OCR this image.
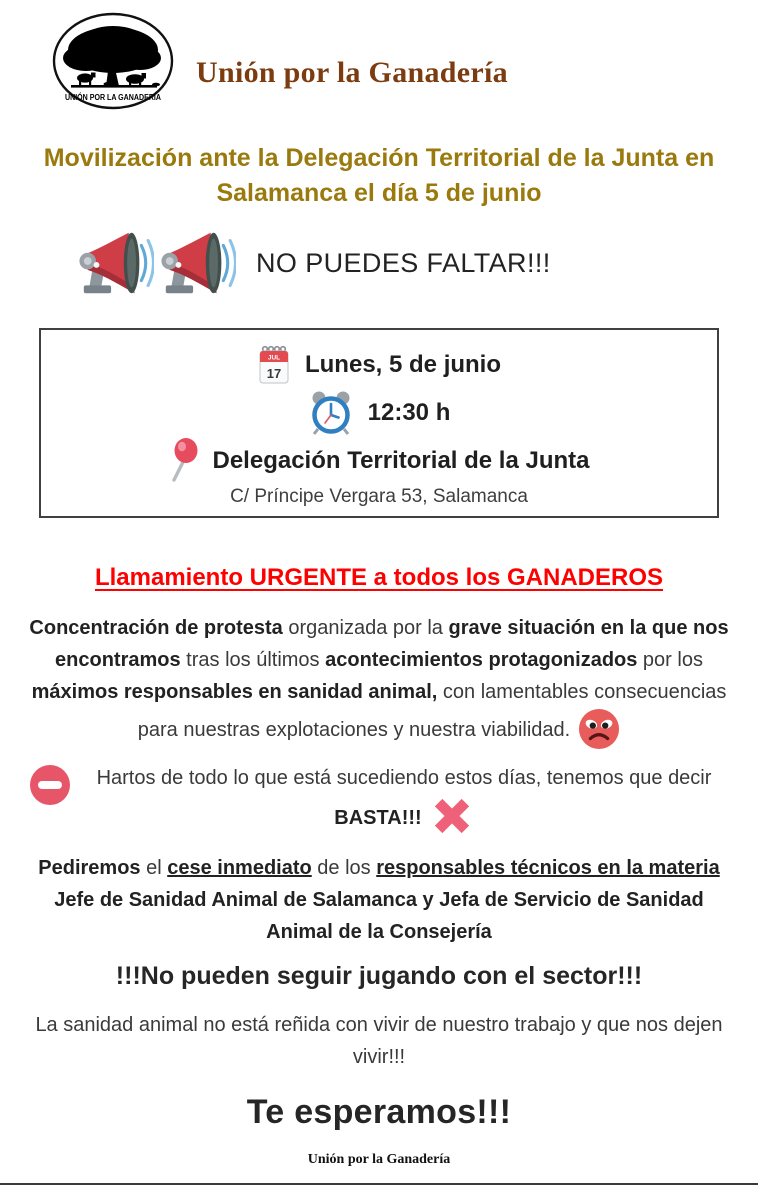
UNIÓN POR LA GANADERÍA
Unión por la Ganadería
Movilización ante la Delegación Territorial de la Junta en Salamanca el día 5 de junio
NO PUEDES FALTAR!!!
JUL
17 Lunes, 5 de junio
12:30 h
Delegación Territorial de la Junta
C/ Príncipe Vergara 53, Salamanca
Llamamiento URGENTE a todos los GANADEROS

Concentración de protesta organizada por la grave situación en la que nos encontramos tras los últimos acontecimientos protagonizados por los máximos responsables en sanidad animal, con lamentables consecuencias para nuestras explotaciones y nuestra viabilidad.

Hartos de todo lo que está sucediendo estos días, tenemos que decir BASTA!!!

Pediremos el cese inmediato de los responsables técnicos en la materia Jefe de Sanidad Animal de Salamanca y Jefa de Servicio de Sanidad Animal de la Consejería

!!!No pueden seguir jugando con el sector!!!
La sanidad animal no está reñida con vivir de nuestro trabajo y que nos dejen vivir!!!
Te esperamos!!!
Unión por la Ganadería
